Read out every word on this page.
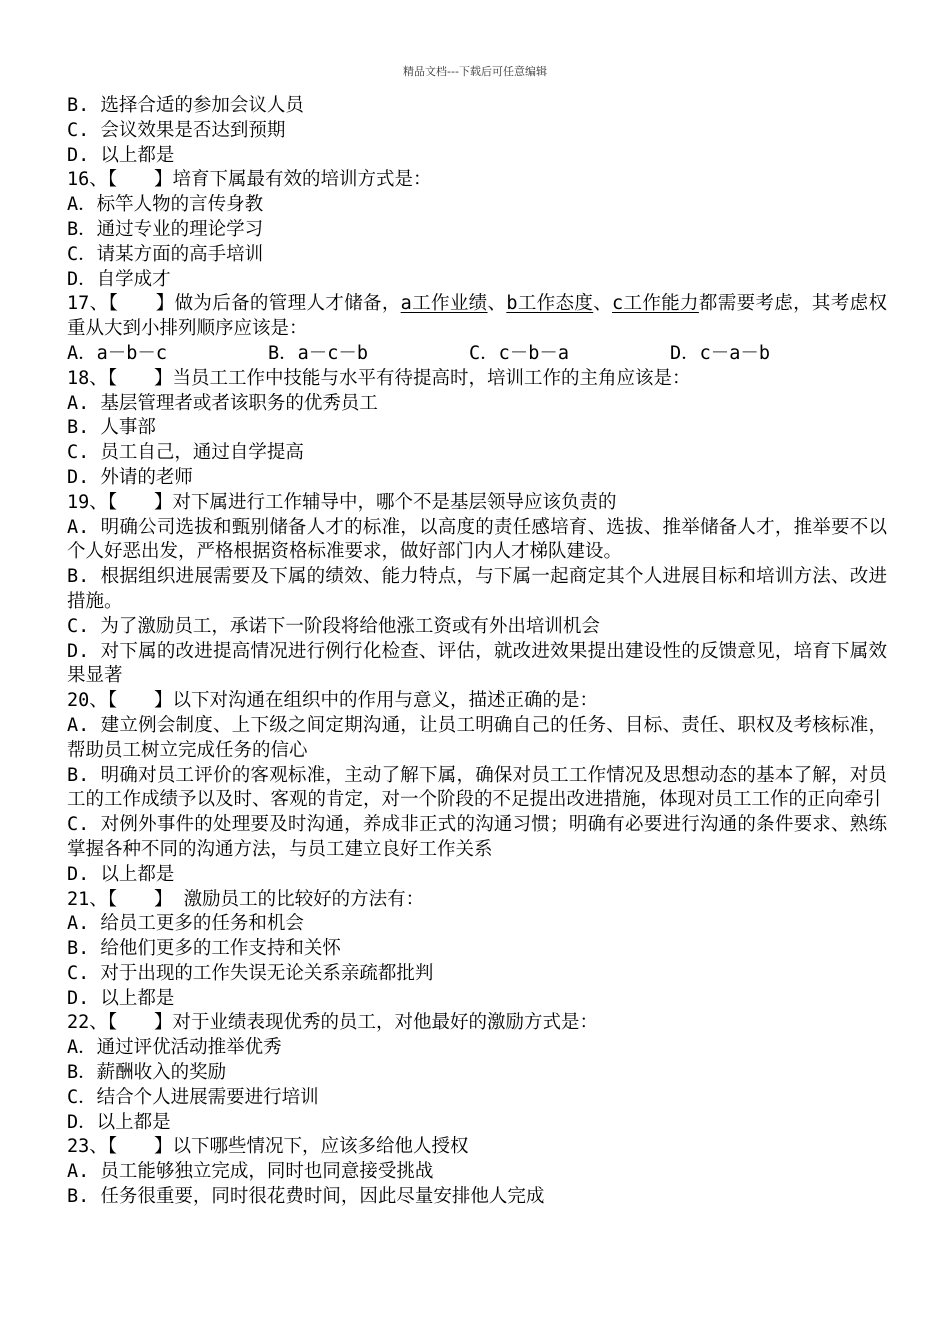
精品文档---下载后可任意编辑
B. 选择合适的参加会议人员
C. 会议效果是否达到预期
D. 以上都是
16、【　　】培育下属最有效的培训方式是：
A．标竿人物的言传身教
B．通过专业的理论学习
C．请某方面的高手培训
D．自学成才
17、【　　】做为后备的管理人才储备，a工作业绩、b工作态度、c工作能力都需要考虑，其考虑权重从大到小排列顺序应该是：
A．a－b－c	B．a－c－b	C．c－b－a	D．c－a－b
18、【　　】当员工工作中技能与水平有待提高时，培训工作的主角应该是：
A. 基层管理者或者该职务的优秀员工
B. 人事部
C. 员工自己，通过自学提高
D. 外请的老师
19、【　　】对下属进行工作辅导中，哪个不是基层领导应该负责的
A. 明确公司选拔和甄别储备人才的标准，以高度的责任感培育、选拔、推举储备人才，推举要不以个人好恶出发，严格根据资格标准要求，做好部门内人才梯队建设。
B. 根据组织进展需要及下属的绩效、能力特点，与下属一起商定其个人进展目标和培训方法、改进措施。
C. 为了激励员工，承诺下一阶段将给他涨工资或有外出培训机会
D. 对下属的改进提高情况进行例行化检查、评估，就改进效果提出建设性的反馈意见，培育下属效果显著
20、【　　】以下对沟通在组织中的作用与意义，描述正确的是：
A. 建立例会制度、上下级之间定期沟通，让员工明确自己的任务、目标、责任、职权及考核标准，帮助员工树立完成任务的信心
B. 明确对员工评价的客观标准，主动了解下属，确保对员工工作情况及思想动态的基本了解，对员工的工作成绩予以及时、客观的肯定，对一个阶段的不足提出改进措施，体现对员工工作的正向牵引
C. 对例外事件的处理要及时沟通，养成非正式的沟通习惯；明确有必要进行沟通的条件要求、熟练掌握各种不同的沟通方法，与员工建立良好工作关系
D. 以上都是
21、【　　】 激励员工的比较好的方法有：
A. 给员工更多的任务和机会
B. 给他们更多的工作支持和关怀
C. 对于出现的工作失误无论关系亲疏都批判
D. 以上都是
22、【　　】对于业绩表现优秀的员工，对他最好的激励方式是：
A．通过评优活动推举优秀
B．薪酬收入的奖励
C．结合个人进展需要进行培训
D．以上都是
23、【　　】以下哪些情况下，应该多给他人授权
A. 员工能够独立完成，同时也同意接受挑战
B. 任务很重要，同时很花费时间，因此尽量安排他人完成
